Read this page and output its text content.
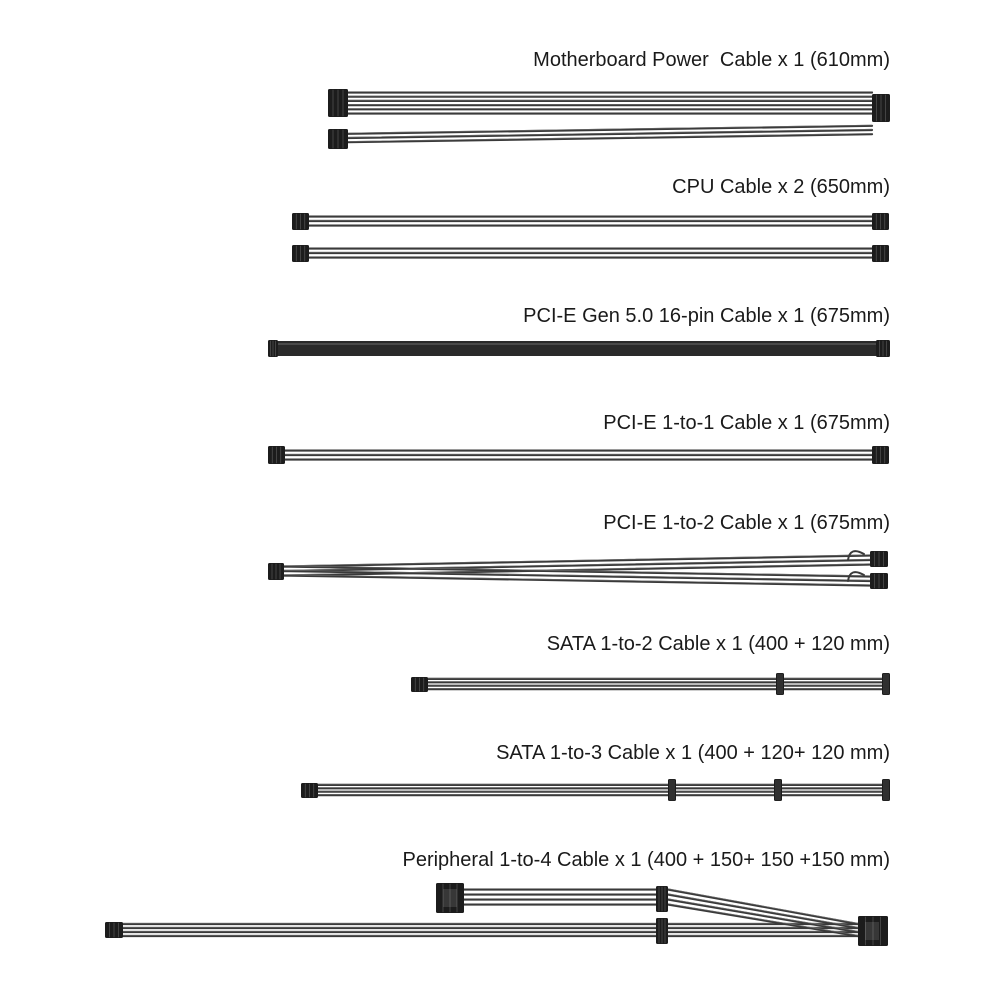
Motherboard Power  Cable x 1 (610mm)
CPU Cable x 2 (650mm)
PCI-E Gen 5.0 16-pin Cable x 1 (675mm)
PCI-E 1-to-1 Cable x 1 (675mm)
PCI-E 1-to-2 Cable x 1 (675mm)
SATA 1-to-2 Cable x 1 (400 + 120 mm)
SATA 1-to-3 Cable x 1 (400 + 120+ 120 mm)
Peripheral 1-to-4 Cable x 1 (400 + 150+ 150 +150 mm)
